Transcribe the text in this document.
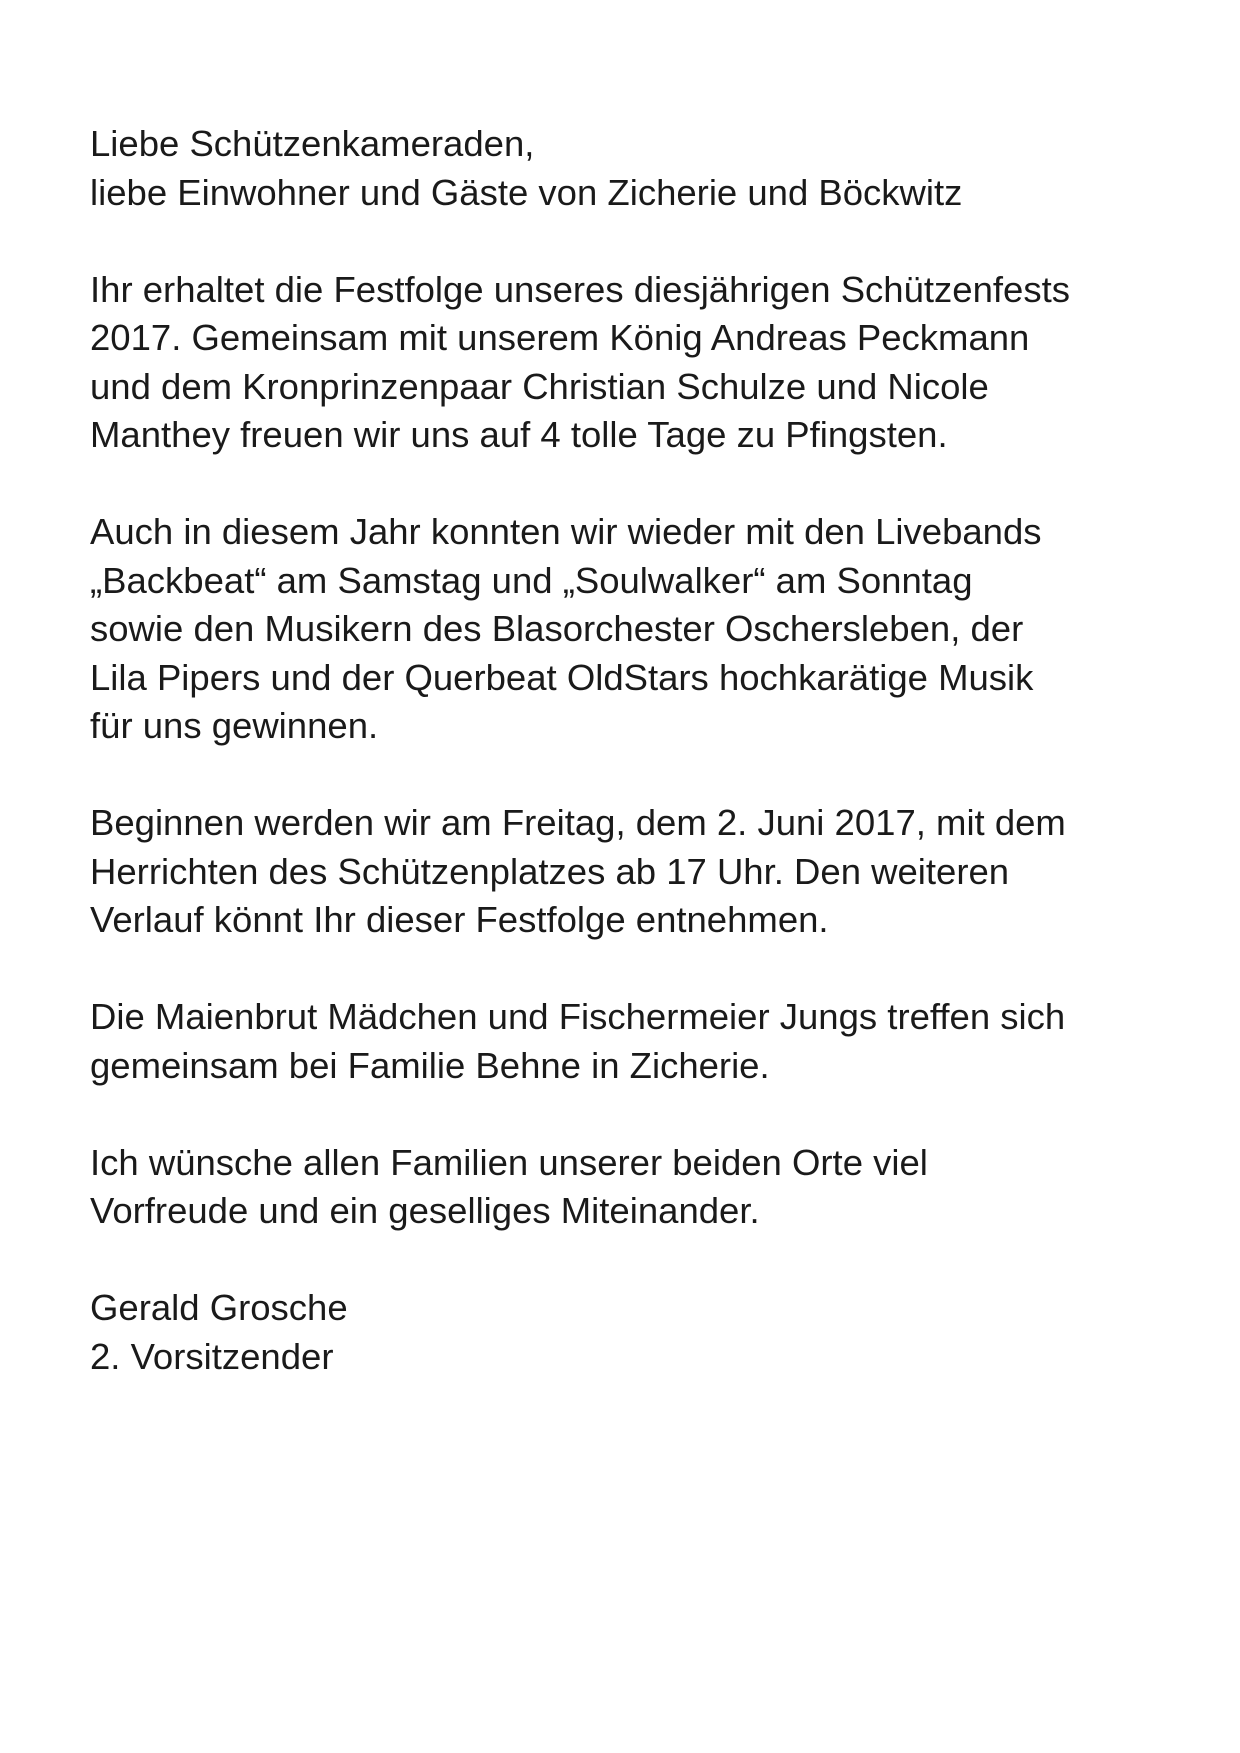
Liebe Schützenkameraden,
liebe Einwohner und Gäste von Zicherie und Böckwitz

Ihr erhaltet die Festfolge unseres diesjährigen Schützenfests
2017. Gemeinsam mit unserem König Andreas Peckmann
und dem Kronprinzenpaar Christian Schulze und Nicole
Manthey freuen wir uns auf 4 tolle Tage zu Pfingsten.

Auch in diesem Jahr konnten wir wieder mit den Livebands
„Backbeat“ am Samstag und „Soulwalker“ am Sonntag
sowie den Musikern des Blasorchester Oschersleben, der
Lila Pipers und der Querbeat OldStars hochkarätige Musik
für uns gewinnen.

Beginnen werden wir am Freitag, dem 2. Juni 2017, mit dem
Herrichten des Schützenplatzes ab 17 Uhr. Den weiteren
Verlauf könnt Ihr dieser Festfolge entnehmen.

Die Maienbrut Mädchen und Fischermeier Jungs treffen sich
gemeinsam bei Familie Behne in Zicherie.

Ich wünsche allen Familien unserer beiden Orte viel
Vorfreude und ein geselliges Miteinander.

Gerald Grosche
2. Vorsitzender
